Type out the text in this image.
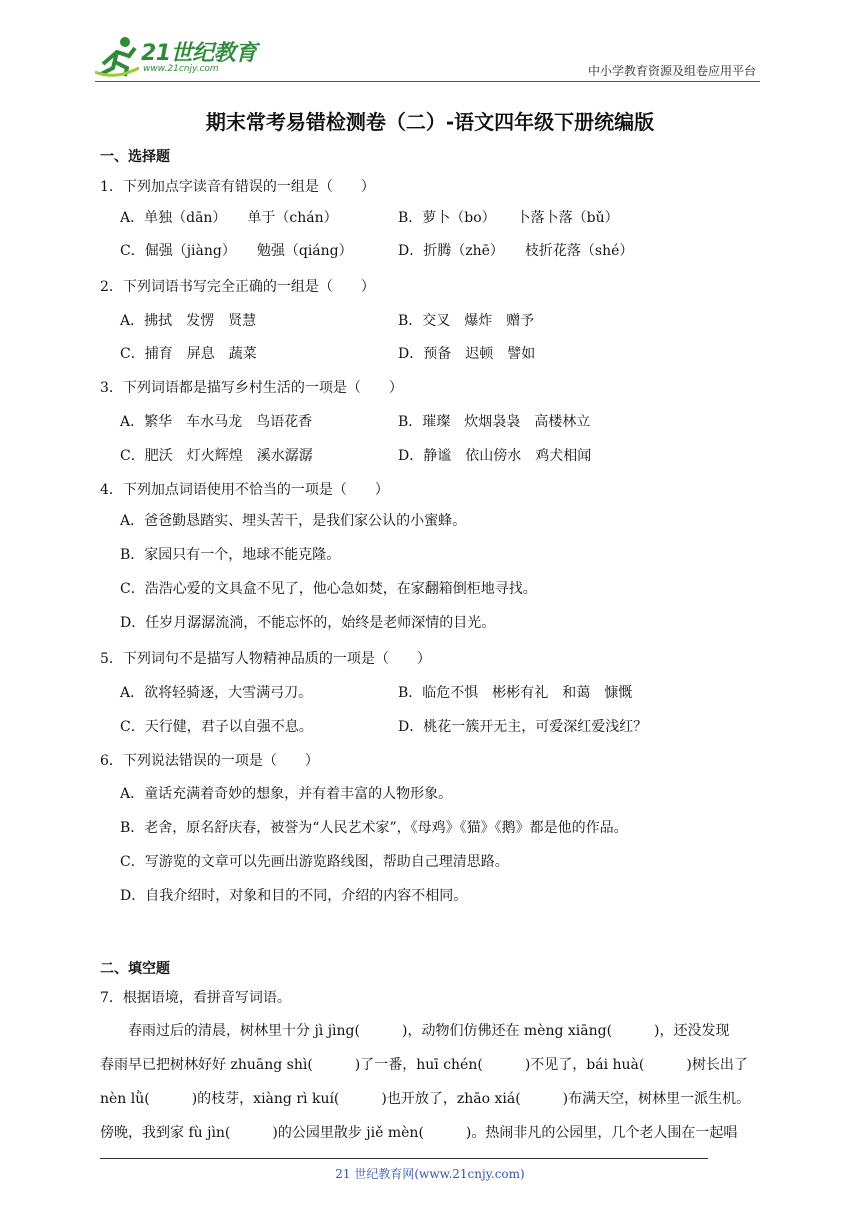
21世纪教育
www.21cnjy.com	中小学教育资源及组卷应用平台
期末常考易错检测卷（二）-语文四年级下册统编版
一、选择题
1．下列加点字读音有错误的一组是（　　）
A．单独（dān）　　单于（chán）	B．萝卜（bo）　　卜落卜落（bǔ）
C．倔强（jiàng）　　勉强（qiáng）	D．折腾（zhē）　　枝折花落（shé）
2．下列词语书写完全正确的一组是（　　）
A．拂拭　发愣　贤慧	B．交叉　爆炸　赠予
C．捕育　屏息　蔬菜	D．预备　迟顿　譬如
3．下列词语都是描写乡村生活的一项是（　　）
A．繁华　车水马龙　鸟语花香	B．璀璨　炊烟袅袅　高楼林立
C．肥沃　灯火辉煌　溪水潺潺	D．静谧　依山傍水　鸡犬相闻
4．下列加点词语使用不恰当的一项是（　　）
A．爸爸勤恳踏实、埋头苦干，是我们家公认的小蜜蜂。
B．家园只有一个，地球不能克隆。
C．浩浩心爱的文具盒不见了，他心急如焚，在家翻箱倒柜地寻找。
D．任岁月潺潺流淌，不能忘怀的，始终是老师深情的目光。
5．下列词句不是描写人物精神品质的一项是（　　）
A．欲将轻骑逐，大雪满弓刀。	B．临危不惧　彬彬有礼　和蔼　慷慨
C．天行健，君子以自强不息。	D．桃花一簇开无主，可爱深红爱浅红？
6．下列说法错误的一项是（　　）
A．童话充满着奇妙的想象，并有着丰富的人物形象。
B．老舍，原名舒庆春，被誉为“人民艺术家”，《母鸡》《猫》《鹅》都是他的作品。
C．写游览的文章可以先画出游览路线图，帮助自己理清思路。
D．自我介绍时，对象和目的不同，介绍的内容不相同。
二、填空题
7．根据语境，看拼音写词语。
　　春雨过后的清晨，树林里十分 jì jìng(　　　)，动物们仿佛还在 mèng xiāng(　　　)，还没发现
春雨早已把树林好好 zhuāng shì(　　　)了一番，huī chén(　　　)不见了，bái huà(　　　)树长出了
nèn lǜ(　　　)的枝芽，xiàng rì kuí(　　　)也开放了，zhāo xiá(　　　)布满天空，树林里一派生机。
傍晚，我到家 fù jìn(　　　)的公园里散步 jiě mèn(　　　)。热闹非凡的公园里，几个老人围在一起唱
21 世纪教育网(www.21cnjy.com)
